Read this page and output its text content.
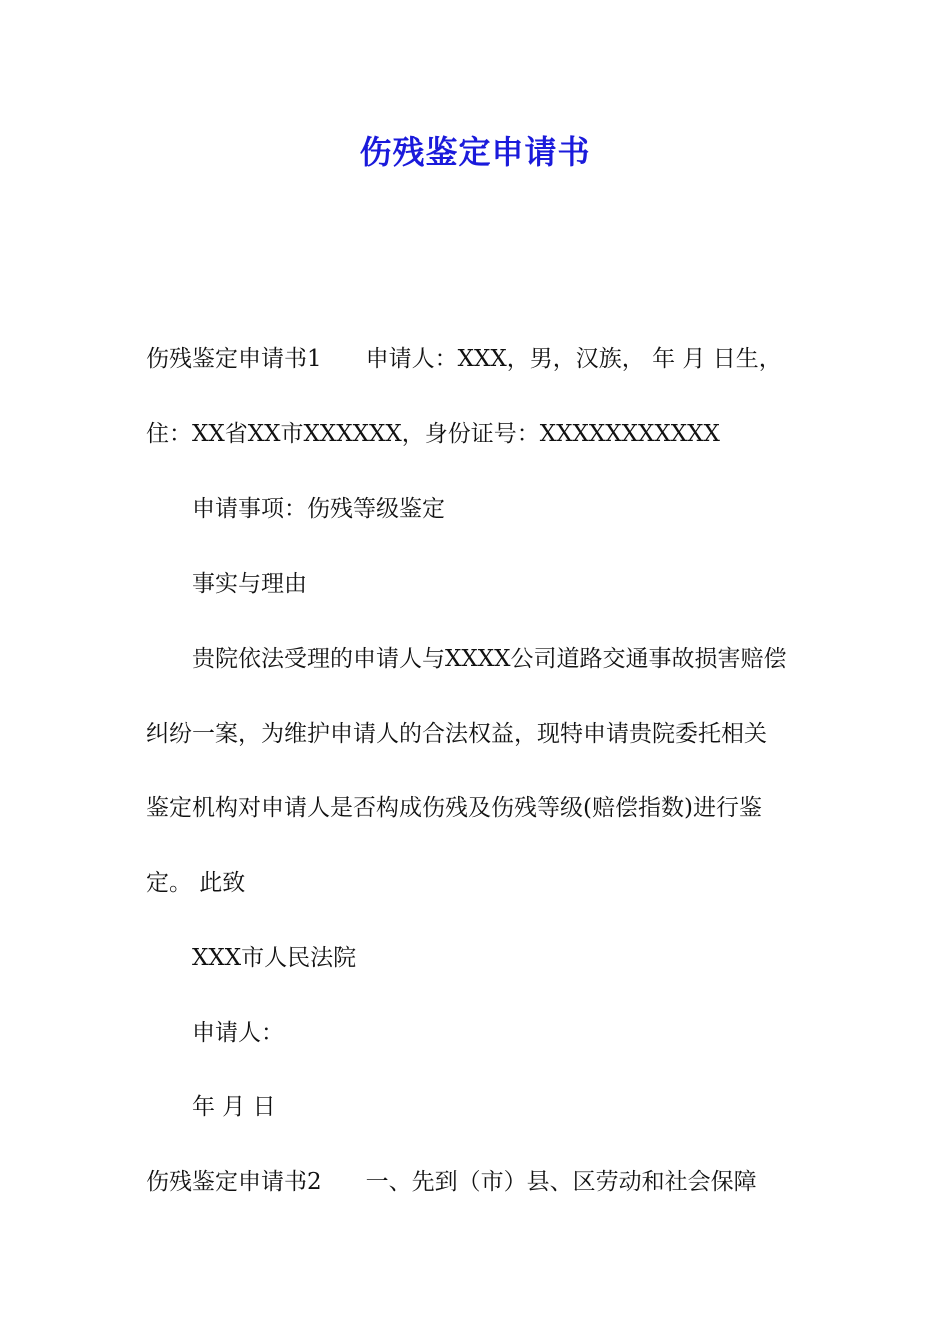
伤残鉴定申请书
伤残鉴定申请书1 申请人：XXX，男，汉族， 年 月 日生，
住：XX省XX市XXXXXX，身份证号：XXXXXXXXXXX
申请事项：伤残等级鉴定
事实与理由
贵院依法受理的申请人与XXXX公司道路交通事故损害赔偿
纠纷一案，为维护申请人的合法权益，现特申请贵院委托相关
鉴定机构对申请人是否构成伤残及伤残等级(赔偿指数)进行鉴
定。 此致
XXX市人民法院
申请人：
年 月 日
伤残鉴定申请书2 一、先到（市）县、区劳动和社会保障
